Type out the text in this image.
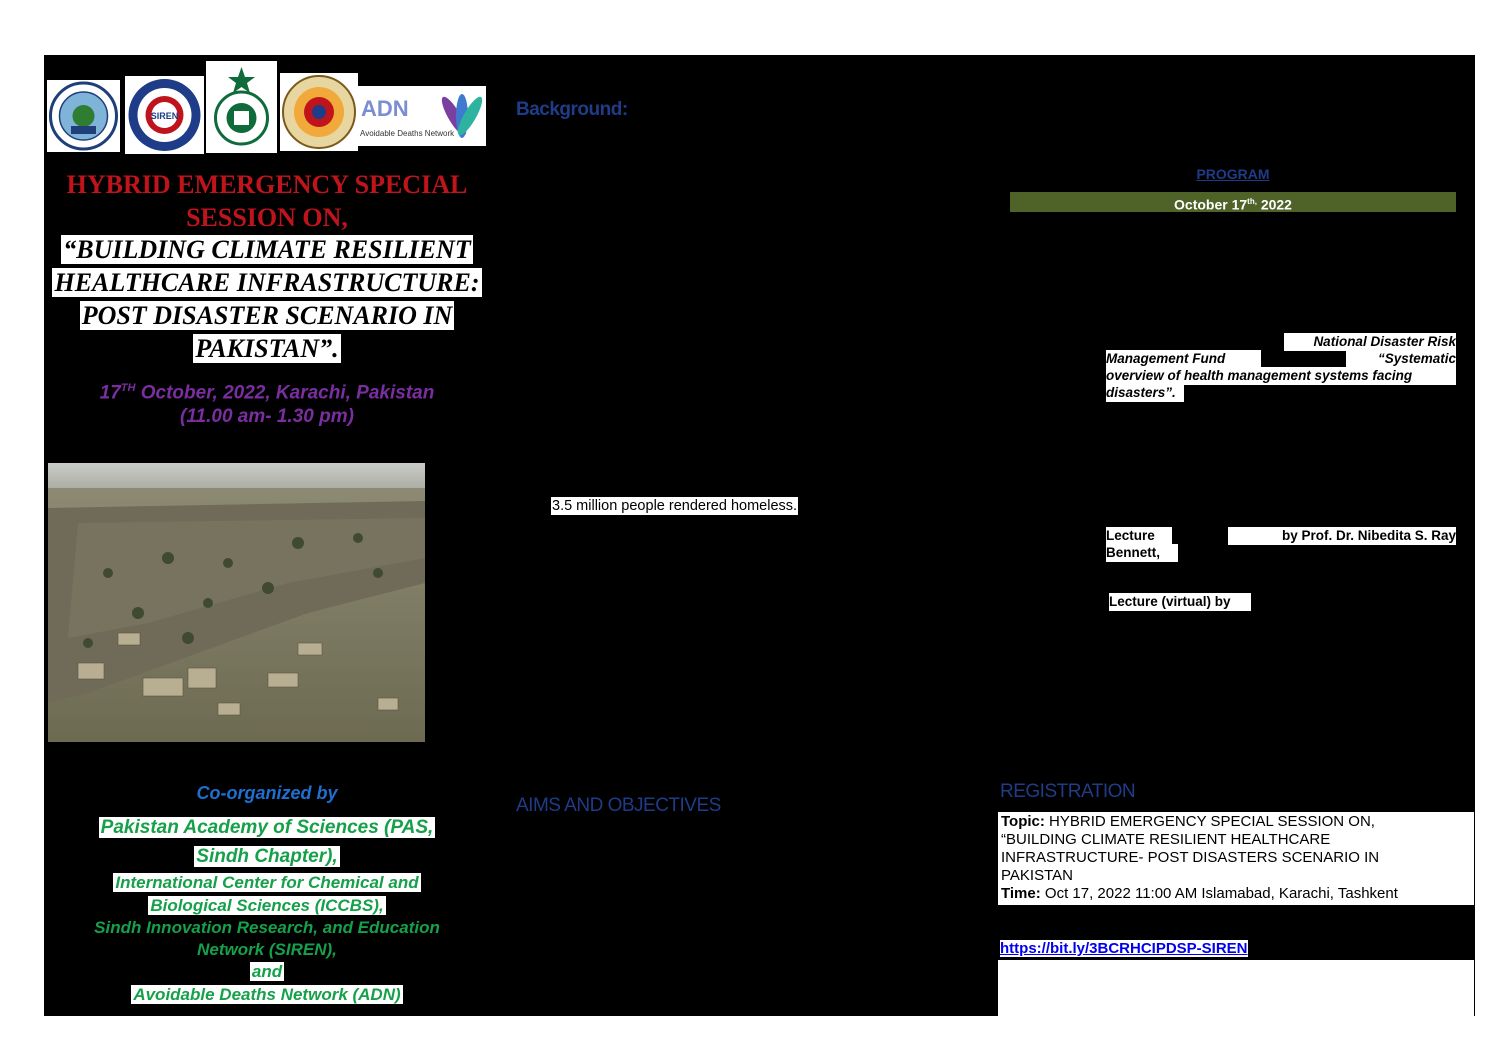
SIREN	ADN
Avoidable Deaths Network
HYBRID EMERGENCY SPECIAL
SESSION ON,
“BUILDING CLIMATE RESILIENT
HEALTHCARE INFRASTRUCTURE:
POST DISASTER SCENARIO IN
PAKISTAN”.
17TH October, 2022, Karachi, Pakistan
(11.00 am- 1.30 pm)
Co-organized by
Pakistan Academy of Sciences (PAS,
Sindh Chapter),
International Center for Chemical and
Biological Sciences (ICCBS),
Sindh Innovation Research, and Education
Network (SIREN),
and
Avoidable Deaths Network (ADN)
Background:
3.5 million people rendered homeless.
AIMS AND OBJECTIVES
PROGRAM
October $17^{th,}$ 2022
National Disaster Risk
Management Fund	“Systematic
overview of health management systems facing
disasters”.
Lecture	by Prof. Dr. Nibedita S. Ray
Bennett,
Lecture (virtual) by
REGISTRATION
Topic: HYBRID EMERGENCY SPECIAL SESSION ON,
“BUILDING CLIMATE RESILIENT HEALTHCARE
INFRASTRUCTURE- POST DISASTERS SCENARIO IN
PAKISTAN
Time: Oct 17, 2022 11:00 AM Islamabad, Karachi, Tashkent
https://bit.ly/3BCRHCIPDSP-SIREN
